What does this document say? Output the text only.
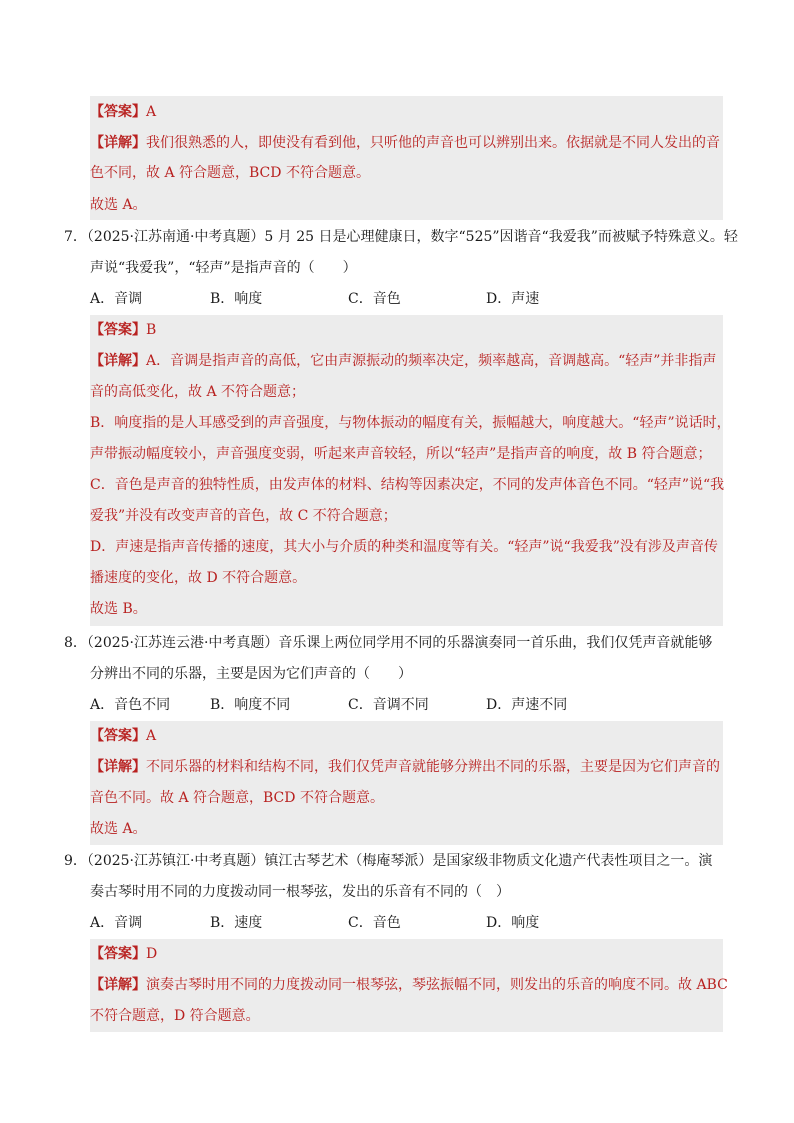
【答案】A
【详解】我们很熟悉的人，即使没有看到他，只听他的声音也可以辨别出来。依据就是不同人发出的音
色不同，故 A 符合题意，BCD 不符合题意。
故选 A。
7．（2025·江苏南通·中考真题）5 月 25 日是心理健康日，数字“525”因谐音“我爱我”而被赋予特殊意义。轻
声说“我爱我”，“轻声”是指声音的（　　）
A．音调	B．响度	C．音色	D．声速
【答案】B
【详解】A．音调是指声音的高低，它由声源振动的频率决定，频率越高，音调越高。“轻声”并非指声
音的高低变化，故 A 不符合题意；
B．响度指的是人耳感受到的声音强度，与物体振动的幅度有关，振幅越大，响度越大。“轻声”说话时，
声带振动幅度较小，声音强度变弱，听起来声音较轻，所以“轻声”是指声音的响度，故 B 符合题意；
C．音色是声音的独特性质，由发声体的材料、结构等因素决定，不同的发声体音色不同。“轻声”说“我
爱我”并没有改变声音的音色，故 C 不符合题意；
D．声速是指声音传播的速度，其大小与介质的种类和温度等有关。“轻声”说“我爱我”没有涉及声音传
播速度的变化，故 D 不符合题意。
故选 B。
8．（2025·江苏连云港·中考真题）音乐课上两位同学用不同的乐器演奏同一首乐曲，我们仅凭声音就能够
分辨出不同的乐器，主要是因为它们声音的（　　）
A．音色不同	B．响度不同	C．音调不同	D．声速不同
【答案】A
【详解】不同乐器的材料和结构不同，我们仅凭声音就能够分辨出不同的乐器，主要是因为它们声音的
音色不同。故 A 符合题意，BCD 不符合题意。
故选 A。
9．（2025·江苏镇江·中考真题）镇江古琴艺术（梅庵琴派）是国家级非物质文化遗产代表性项目之一。演
奏古琴时用不同的力度拨动同一根琴弦，发出的乐音有不同的（　）
A．音调	B．速度	C．音色	D．响度
【答案】D
【详解】演奏古琴时用不同的力度拨动同一根琴弦，琴弦振幅不同，则发出的乐音的响度不同。故 ABC
不符合题意，D 符合题意。
